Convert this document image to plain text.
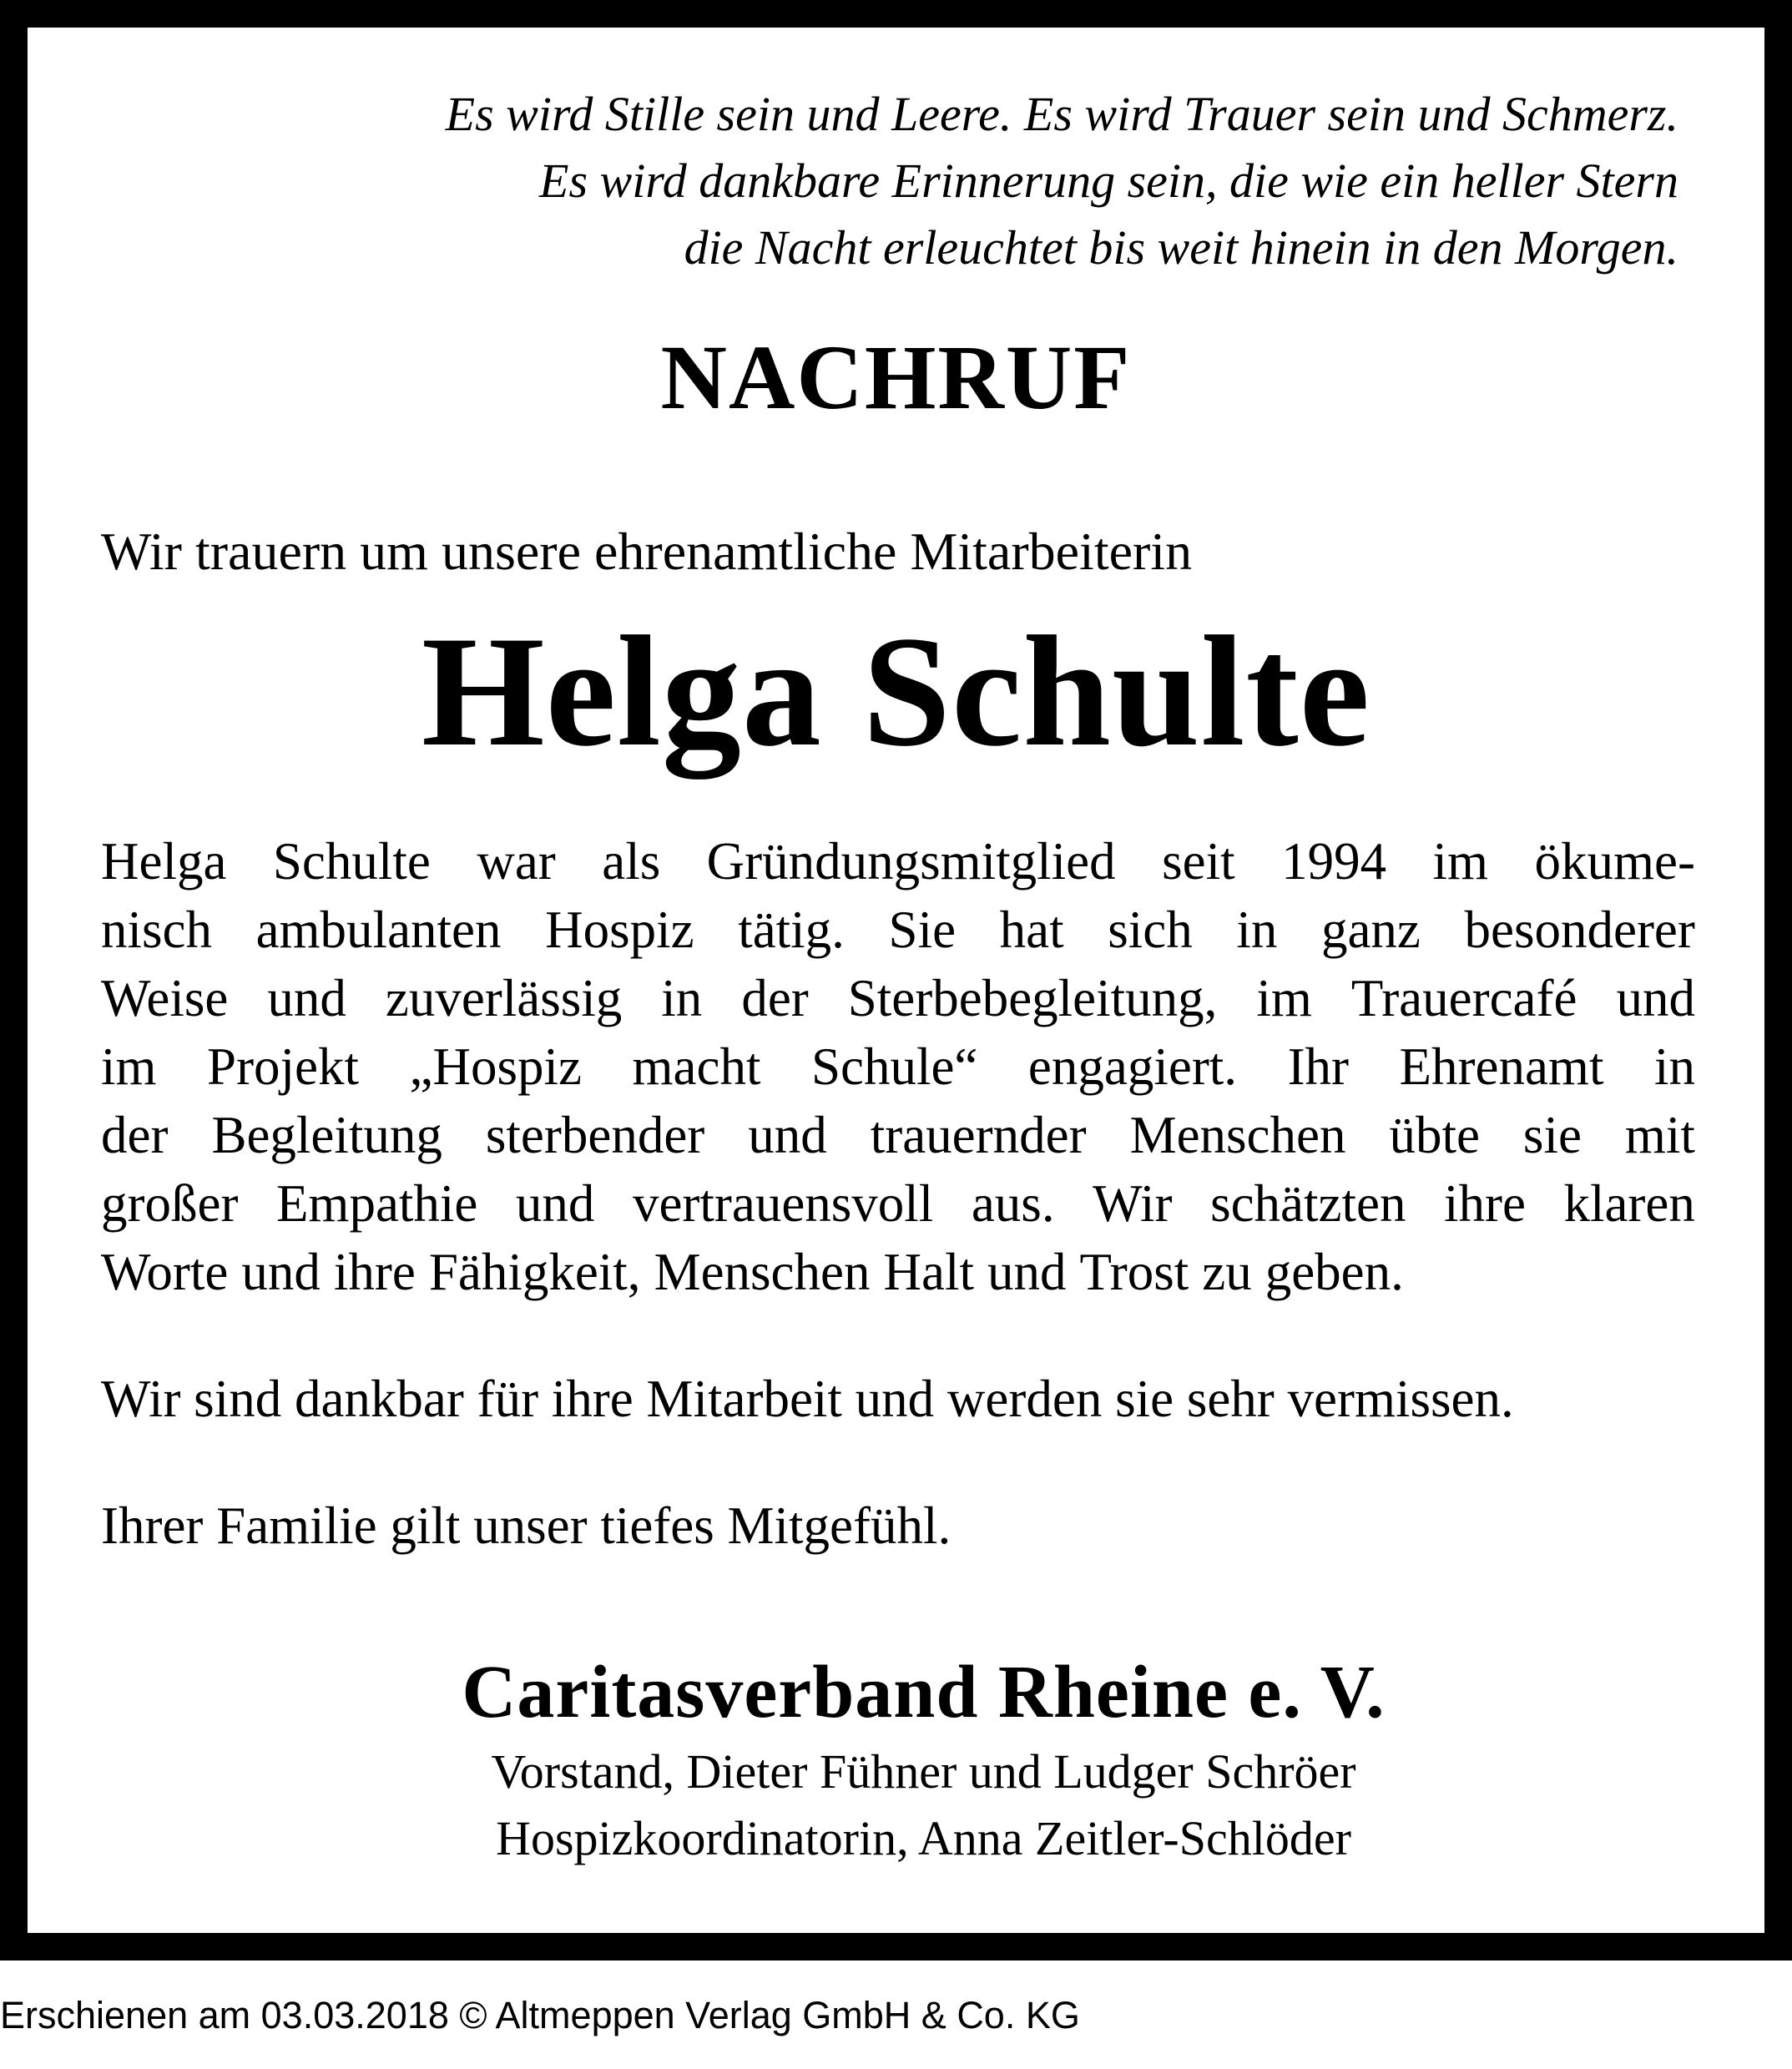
Es wird Stille sein und Leere. Es wird Trauer sein und Schmerz.
Es wird dankbare Erinnerung sein, die wie ein heller Stern
die Nacht erleuchtet bis weit hinein in den Morgen.
NACHRUF
Wir trauern um unsere ehrenamtliche Mitarbeiterin
Helga Schulte
Helga Schulte war als Gründungsmitglied seit 1994 im ökume-
nisch ambulanten Hospiz tätig. Sie hat sich in ganz besonderer
Weise und zuverlässig in der Sterbebegleitung, im Trauercafé und
im Projekt „Hospiz macht Schule“ engagiert. Ihr Ehrenamt in
der Begleitung sterbender und trauernder Menschen übte sie mit
großer Empathie und vertrauensvoll aus. Wir schätzten ihre klaren
Worte und ihre Fähigkeit, Menschen Halt und Trost zu geben.
Wir sind dankbar für ihre Mitarbeit und werden sie sehr vermissen.
Ihrer Familie gilt unser tiefes Mitgefühl.
Caritasverband Rheine e. V.
Vorstand, Dieter Fühner und Ludger Schröer
Hospizkoordinatorin, Anna Zeitler-Schlöder
Erschienen am 03.03.2018 © Altmeppen Verlag GmbH & Co. KG
